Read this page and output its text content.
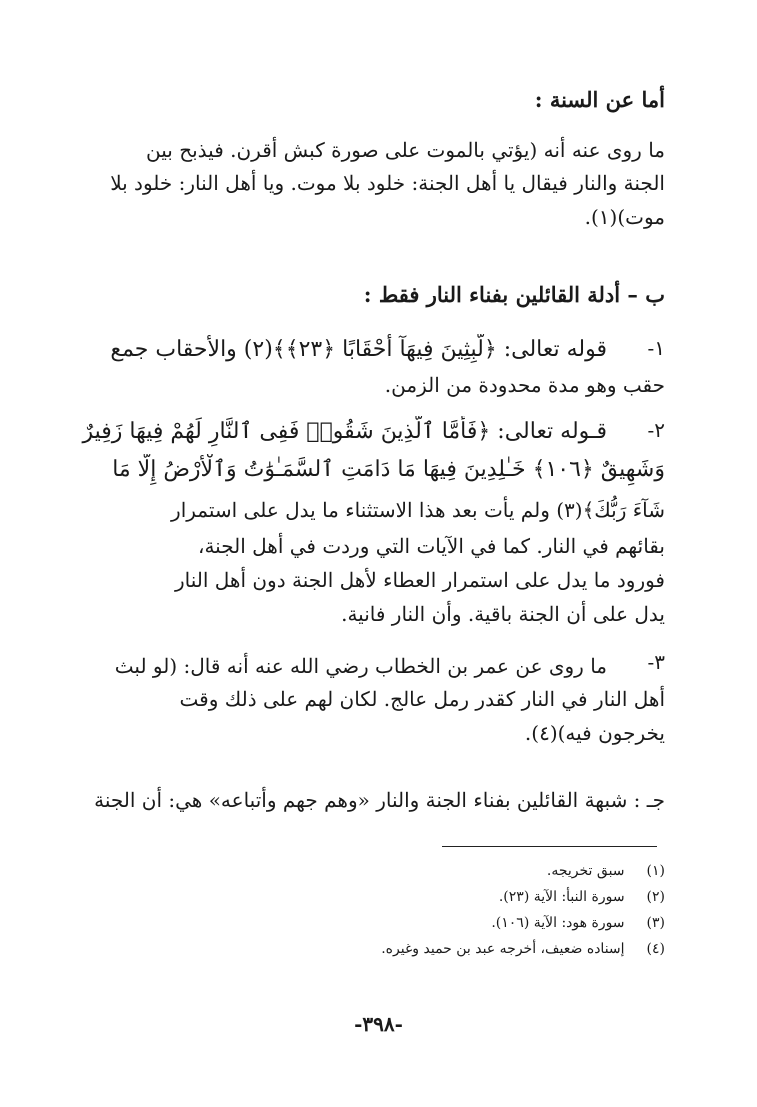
أما عن السنة :
ما روى عنه أنه (يؤتي بالموت على صورة كبش أقرن. فيذبح بين
الجنة والنار فيقال يا أهل الجنة: خلود بلا موت. ويا أهل النار: خلود بلا
موت)(١).
ب – أدلة القائلين بفناء النار فقط :
١-
قوله تعالى: ﴿لَّبِثِينَ فِيهَآ أَحْقَابًا ﴿٢٣﴾﴾(٢) والأحقاب جمع
حقب وهو مدة محدودة من الزمن.
٢-
قـوله تعالى: ﴿فَأَمَّا ٱلَّذِينَ شَقُوا۟ فَفِى ٱلنَّارِ لَهُمْ فِيهَا زَفِيرٌ
وَشَهِيقٌ ﴿١٠٦﴾ خَـٰلِدِينَ فِيهَا مَا دَامَتِ ٱلسَّمَـٰوَٰتُ وَٱلْأَرْضُ إِلَّا مَا
شَآءَ رَبُّكَ﴾(٣) ولم يأت بعد هذا الاستثناء ما يدل على استمرار
بقائهم في النار. كما في الآيات التي وردت في أهل الجنة،
فورود ما يدل على استمرار العطاء لأهل الجنة دون أهل النار
يدل على أن الجنة باقية. وأن النار فانية.
٣-
ما روى عن عمر بن الخطاب رضي الله عنه أنه قال: (لو لبث
أهل النار في النار كقدر رمل عالج. لكان لهم على ذلك وقت
يخرجون فيه)(٤).
جـ : شبهة القائلين بفناء الجنة والنار «وهم جهم وأتباعه» هي: أن الجنة
(١) سبق تخريجه.
(٢) سورة النبأ: الآية (٢٣).
(٣) سورة هود: الآية (١٠٦).
(٤) إسناده ضعيف، أخرجه عبد بن حميد وغيره.
-٣٩٨-
